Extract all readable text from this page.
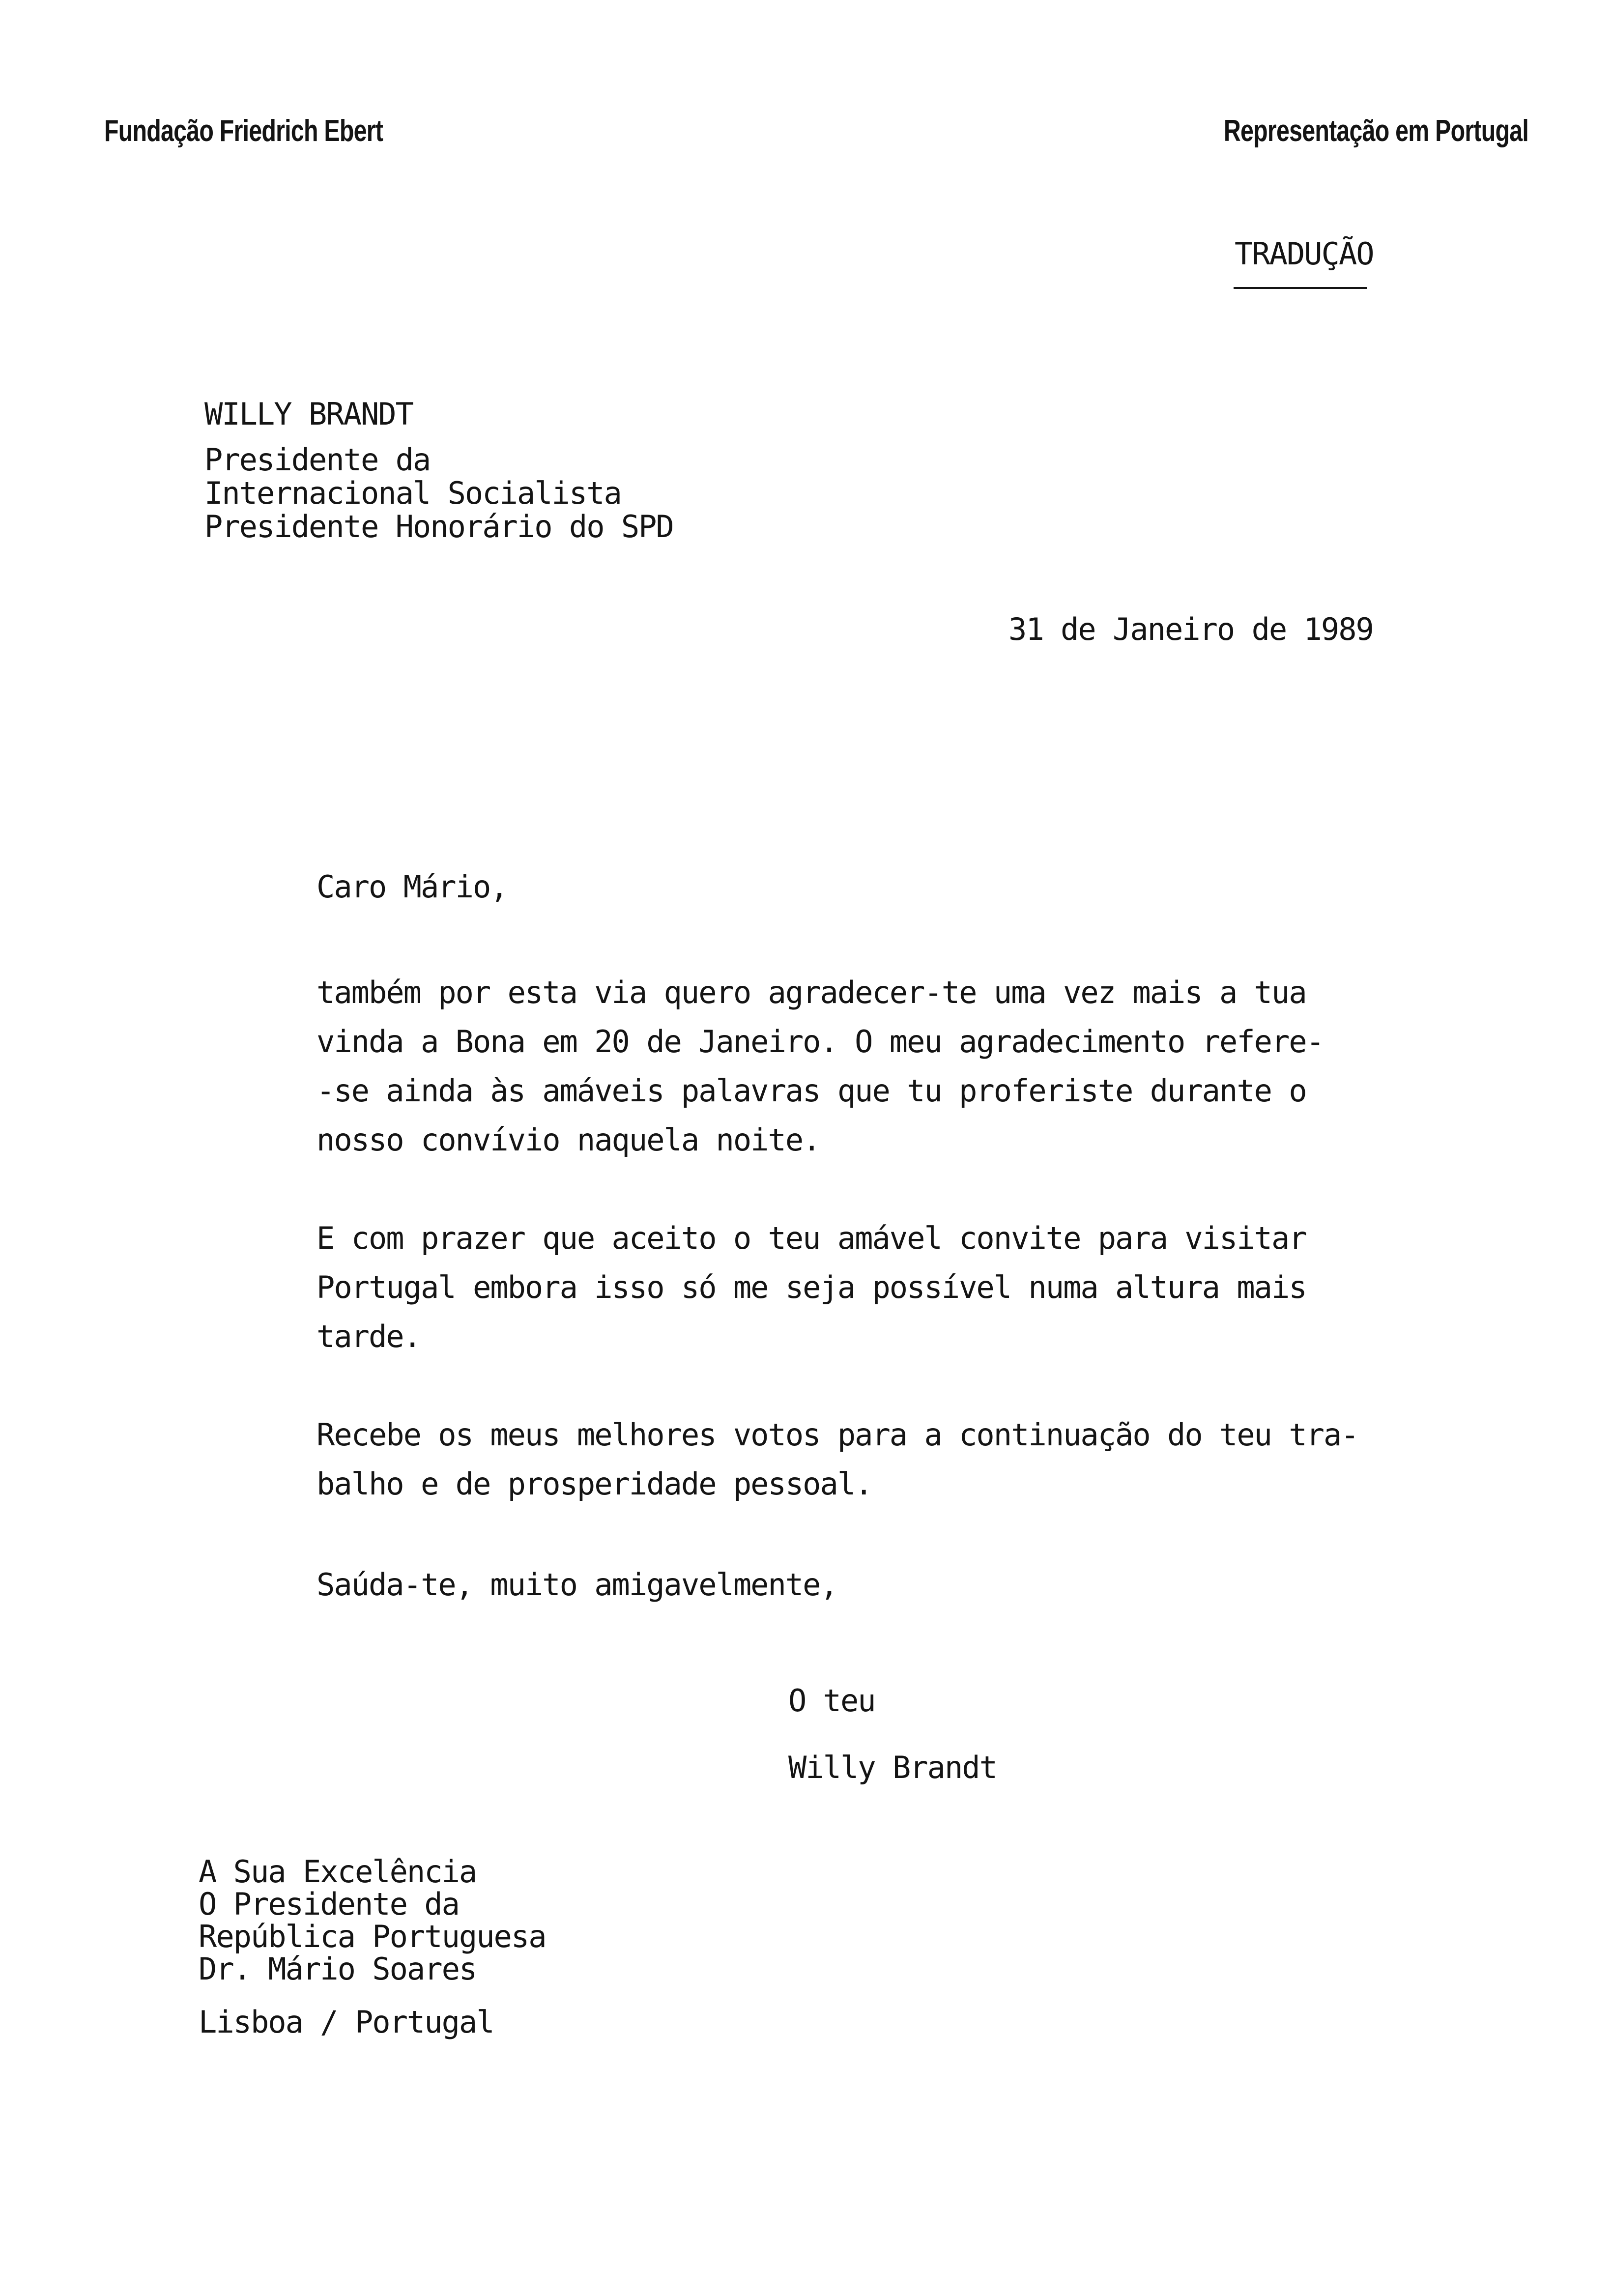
Fundação Friedrich Ebert	Representação em Portugal
TRADUÇÃO
WILLY BRANDT
Presidente da
Internacional Socialista
Presidente Honorário do SPD
31 de Janeiro de 1989
Caro Mário,
também por esta via quero agradecer-te uma vez mais a tua
vinda a Bona em 20 de Janeiro. O meu agradecimento refere-
-se ainda às amáveis palavras que tu proferiste durante o
nosso convívio naquela noite.
E com prazer que aceito o teu amável convite para visitar
Portugal embora isso só me seja possível numa altura mais
tarde.
Recebe os meus melhores votos para a continuação do teu tra-
balho e de prosperidade pessoal.
Saúda-te, muito amigavelmente,
O teu
Willy Brandt
A Sua Excelência
O Presidente da
República Portuguesa
Dr. Mário Soares
Lisboa / Portugal
